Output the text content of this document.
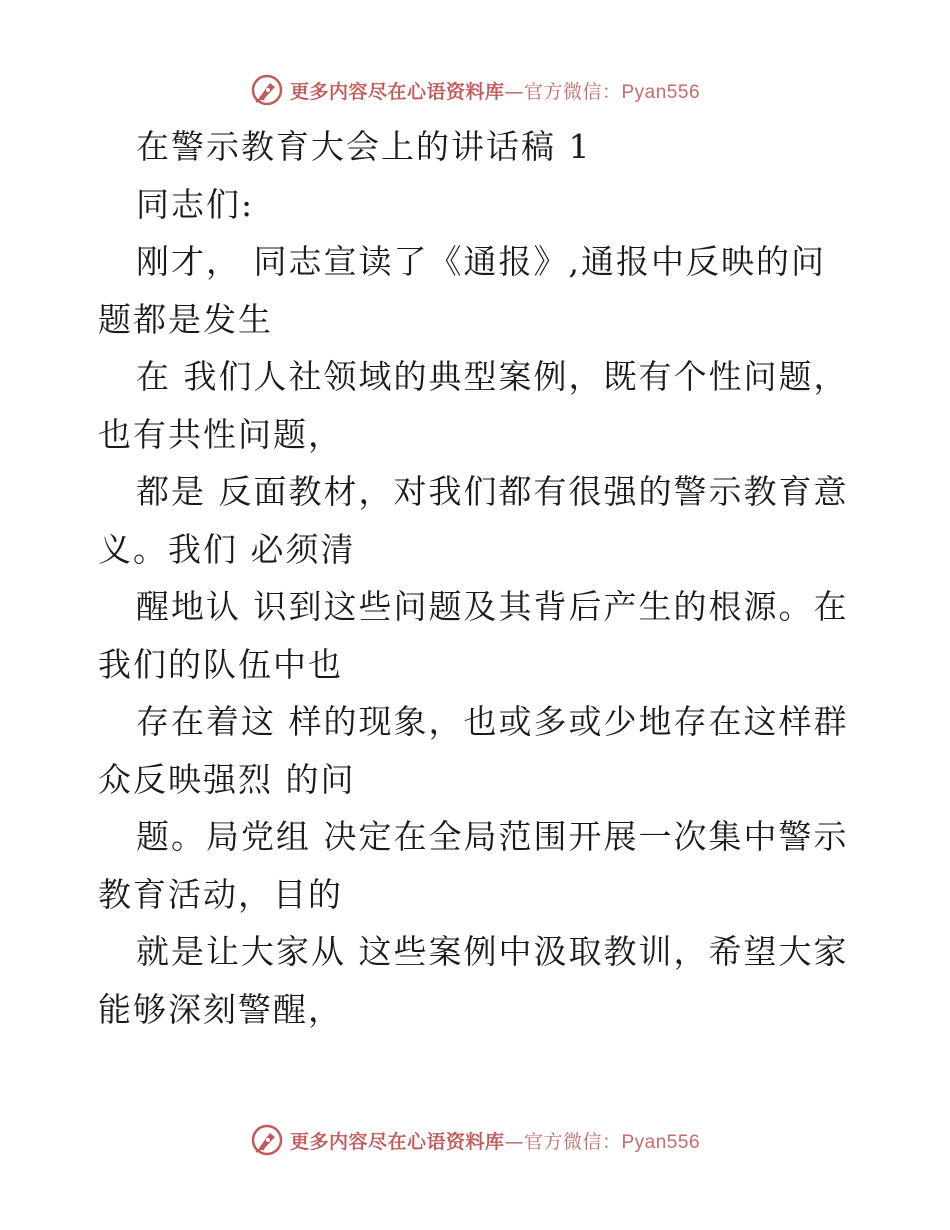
更多内容尽在心语资料库—官方微信：Pyan556

在警示教育大会上的讲话稿 1

同志们:

刚才， 同志宣读了《通报》,通报中反映的问题都是发生

在 我们人社领域的典型案例，既有个性问题，也有共性问题，

都是 反面教材，对我们都有很强的警示教育意义。我们 必须清

醒地认 识到这些问题及其背后产生的根源。在我们的队伍中也

存在着这 样的现象，也或多或少地存在这样群众反映强烈 的问

题。局党组 决定在全局范围开展一次集中警示教育活动，目的

就是让大家从 这些案例中汲取教训，希望大家能够深刻警醒，

更多内容尽在心语资料库—官方微信：Pyan556
